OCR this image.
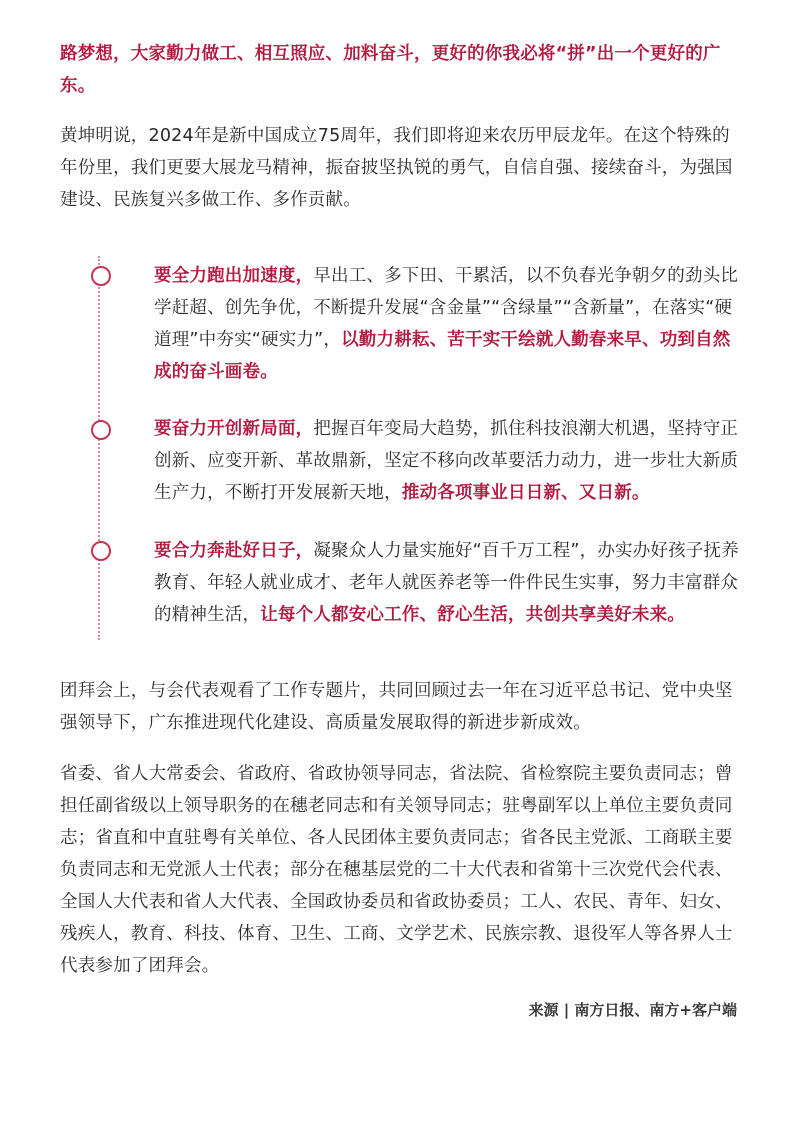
路梦想，大家勤力做工、相互照应、加料奋斗，更好的你我必将“拼”出一个更好的广东。

黄坤明说，2024年是新中国成立75周年，我们即将迎来农历甲辰龙年。在这个特殊的年份里，我们更要大展龙马精神，振奋披坚执锐的勇气，自信自强、接续奋斗，为强国建设、民族复兴多做工作、多作贡献。

要全力跑出加速度，早出工、多下田、干累活，以不负春光争朝夕的劲头比学赶超、创先争优，不断提升发展“含金量”“含绿量”“含新量”，在落实“硬道理”中夯实“硬实力”，以勤力耕耘、苦干实干绘就人勤春来早、功到自然成的奋斗画卷。

要奋力开创新局面，把握百年变局大趋势，抓住科技浪潮大机遇，坚持守正创新、应变开新、革故鼎新，坚定不移向改革要活力动力，进一步壮大新质生产力，不断打开发展新天地，推动各项事业日日新、又日新。

要合力奔赴好日子，凝聚众人力量实施好“百千万工程”，办实办好孩子抚养教育、年轻人就业成才、老年人就医养老等一件件民生实事，努力丰富群众的精神生活，让每个人都安心工作、舒心生活，共创共享美好未来。

团拜会上，与会代表观看了工作专题片，共同回顾过去一年在习近平总书记、党中央坚强领导下，广东推进现代化建设、高质量发展取得的新进步新成效。

省委、省人大常委会、省政府、省政协领导同志，省法院、省检察院主要负责同志；曾担任副省级以上领导职务的在穗老同志和有关领导同志；驻粤副军以上单位主要负责同志；省直和中直驻粤有关单位、各人民团体主要负责同志；省各民主党派、工商联主要负责同志和无党派人士代表；部分在穗基层党的二十大代表和省第十三次党代会代表、全国人大代表和省人大代表、全国政协委员和省政协委员；工人、农民、青年、妇女、残疾人，教育、科技、体育、卫生、工商、文学艺术、民族宗教、退役军人等各界人士代表参加了团拜会。

来源 | 南方日报、南方+客户端
